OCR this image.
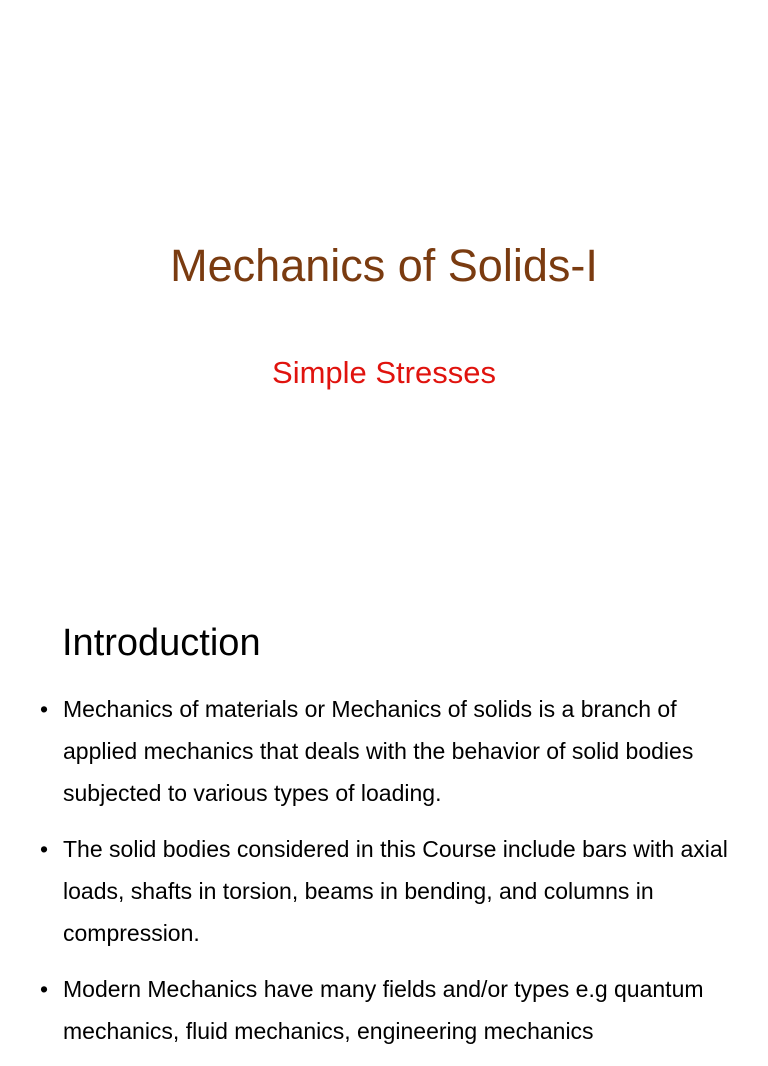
Mechanics of Solids-I
Simple Stresses
Introduction
• Mechanics of materials or Mechanics of solids is a branch of applied mechanics that deals with the behavior of solid bodies subjected to various types of loading.
• The solid bodies considered in this Course include bars with axial loads, shafts in torsion, beams in bending, and columns in compression.
• Modern Mechanics have many fields and/or types e.g quantum mechanics, fluid mechanics, engineering mechanics
